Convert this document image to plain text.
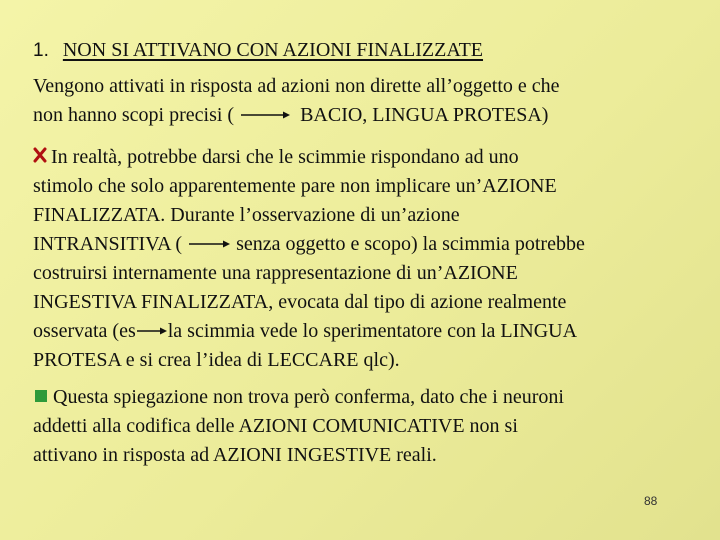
1. NON SI ATTIVANO CON AZIONI FINALIZZATE
Vengono attivati in risposta ad azioni non dirette all’oggetto e che
non hanno scopi precisi (	BACIO, LINGUA PROTESA)
In realtà, potrebbe darsi che le scimmie rispondano ad uno
stimolo che solo apparentemente pare non implicare un’AZIONE
FINALIZZATA. Durante l’osservazione di un’azione
INTRANSITIVA (	senza oggetto e scopo) la scimmia potrebbe
costruirsi internamente una rappresentazione di un’AZIONE
INGESTIVA FINALIZZATA, evocata dal tipo di azione realmente
osservata (es la scimmia vede lo sperimentatore con la LINGUA
PROTESA e si crea l’idea di LECCARE qlc).
Questa spiegazione non trova però conferma, dato che i neuroni
addetti alla codifica delle AZIONI COMUNICATIVE non si
attivano in risposta ad AZIONI INGESTIVE reali.
88
